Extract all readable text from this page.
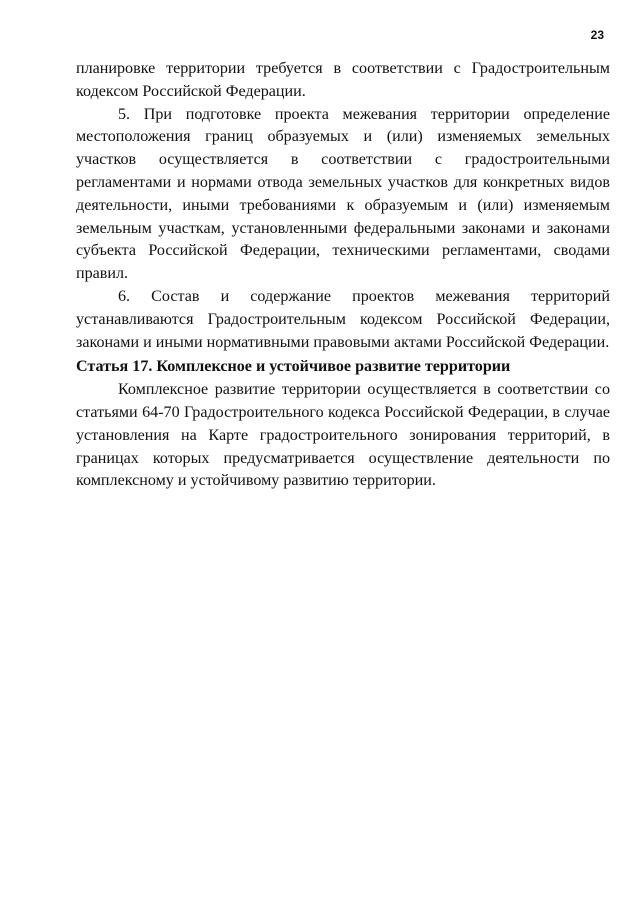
23

планировке территории требуется в соответствии с Градостроительным кодексом Российской Федерации.

5. При подготовке проекта межевания территории определение местоположения границ образуемых и (или) изменяемых земельных участков осуществляется в соответствии с градостроительными регламентами и нормами отвода земельных участков для конкретных видов деятельности, иными требованиями к образуемым и (или) изменяемым земельным участкам, установленными федеральными законами и законами субъекта Российской Федерации, техническими регламентами, сводами правил.

6. Состав и содержание проектов межевания территорий устанавливаются Градостроительным кодексом Российской Федерации, законами и иными нормативными правовыми актами Российской Федерации.

Статья 17. Комплексное и устойчивое развитие территории

Комплексное развитие территории осуществляется в соответствии со статьями 64-70 Градостроительного кодекса Российской Федерации, в случае установления на Карте градостроительного зонирования территорий, в границах которых предусматривается осуществление деятельности по комплексному и устойчивому развитию территории.
